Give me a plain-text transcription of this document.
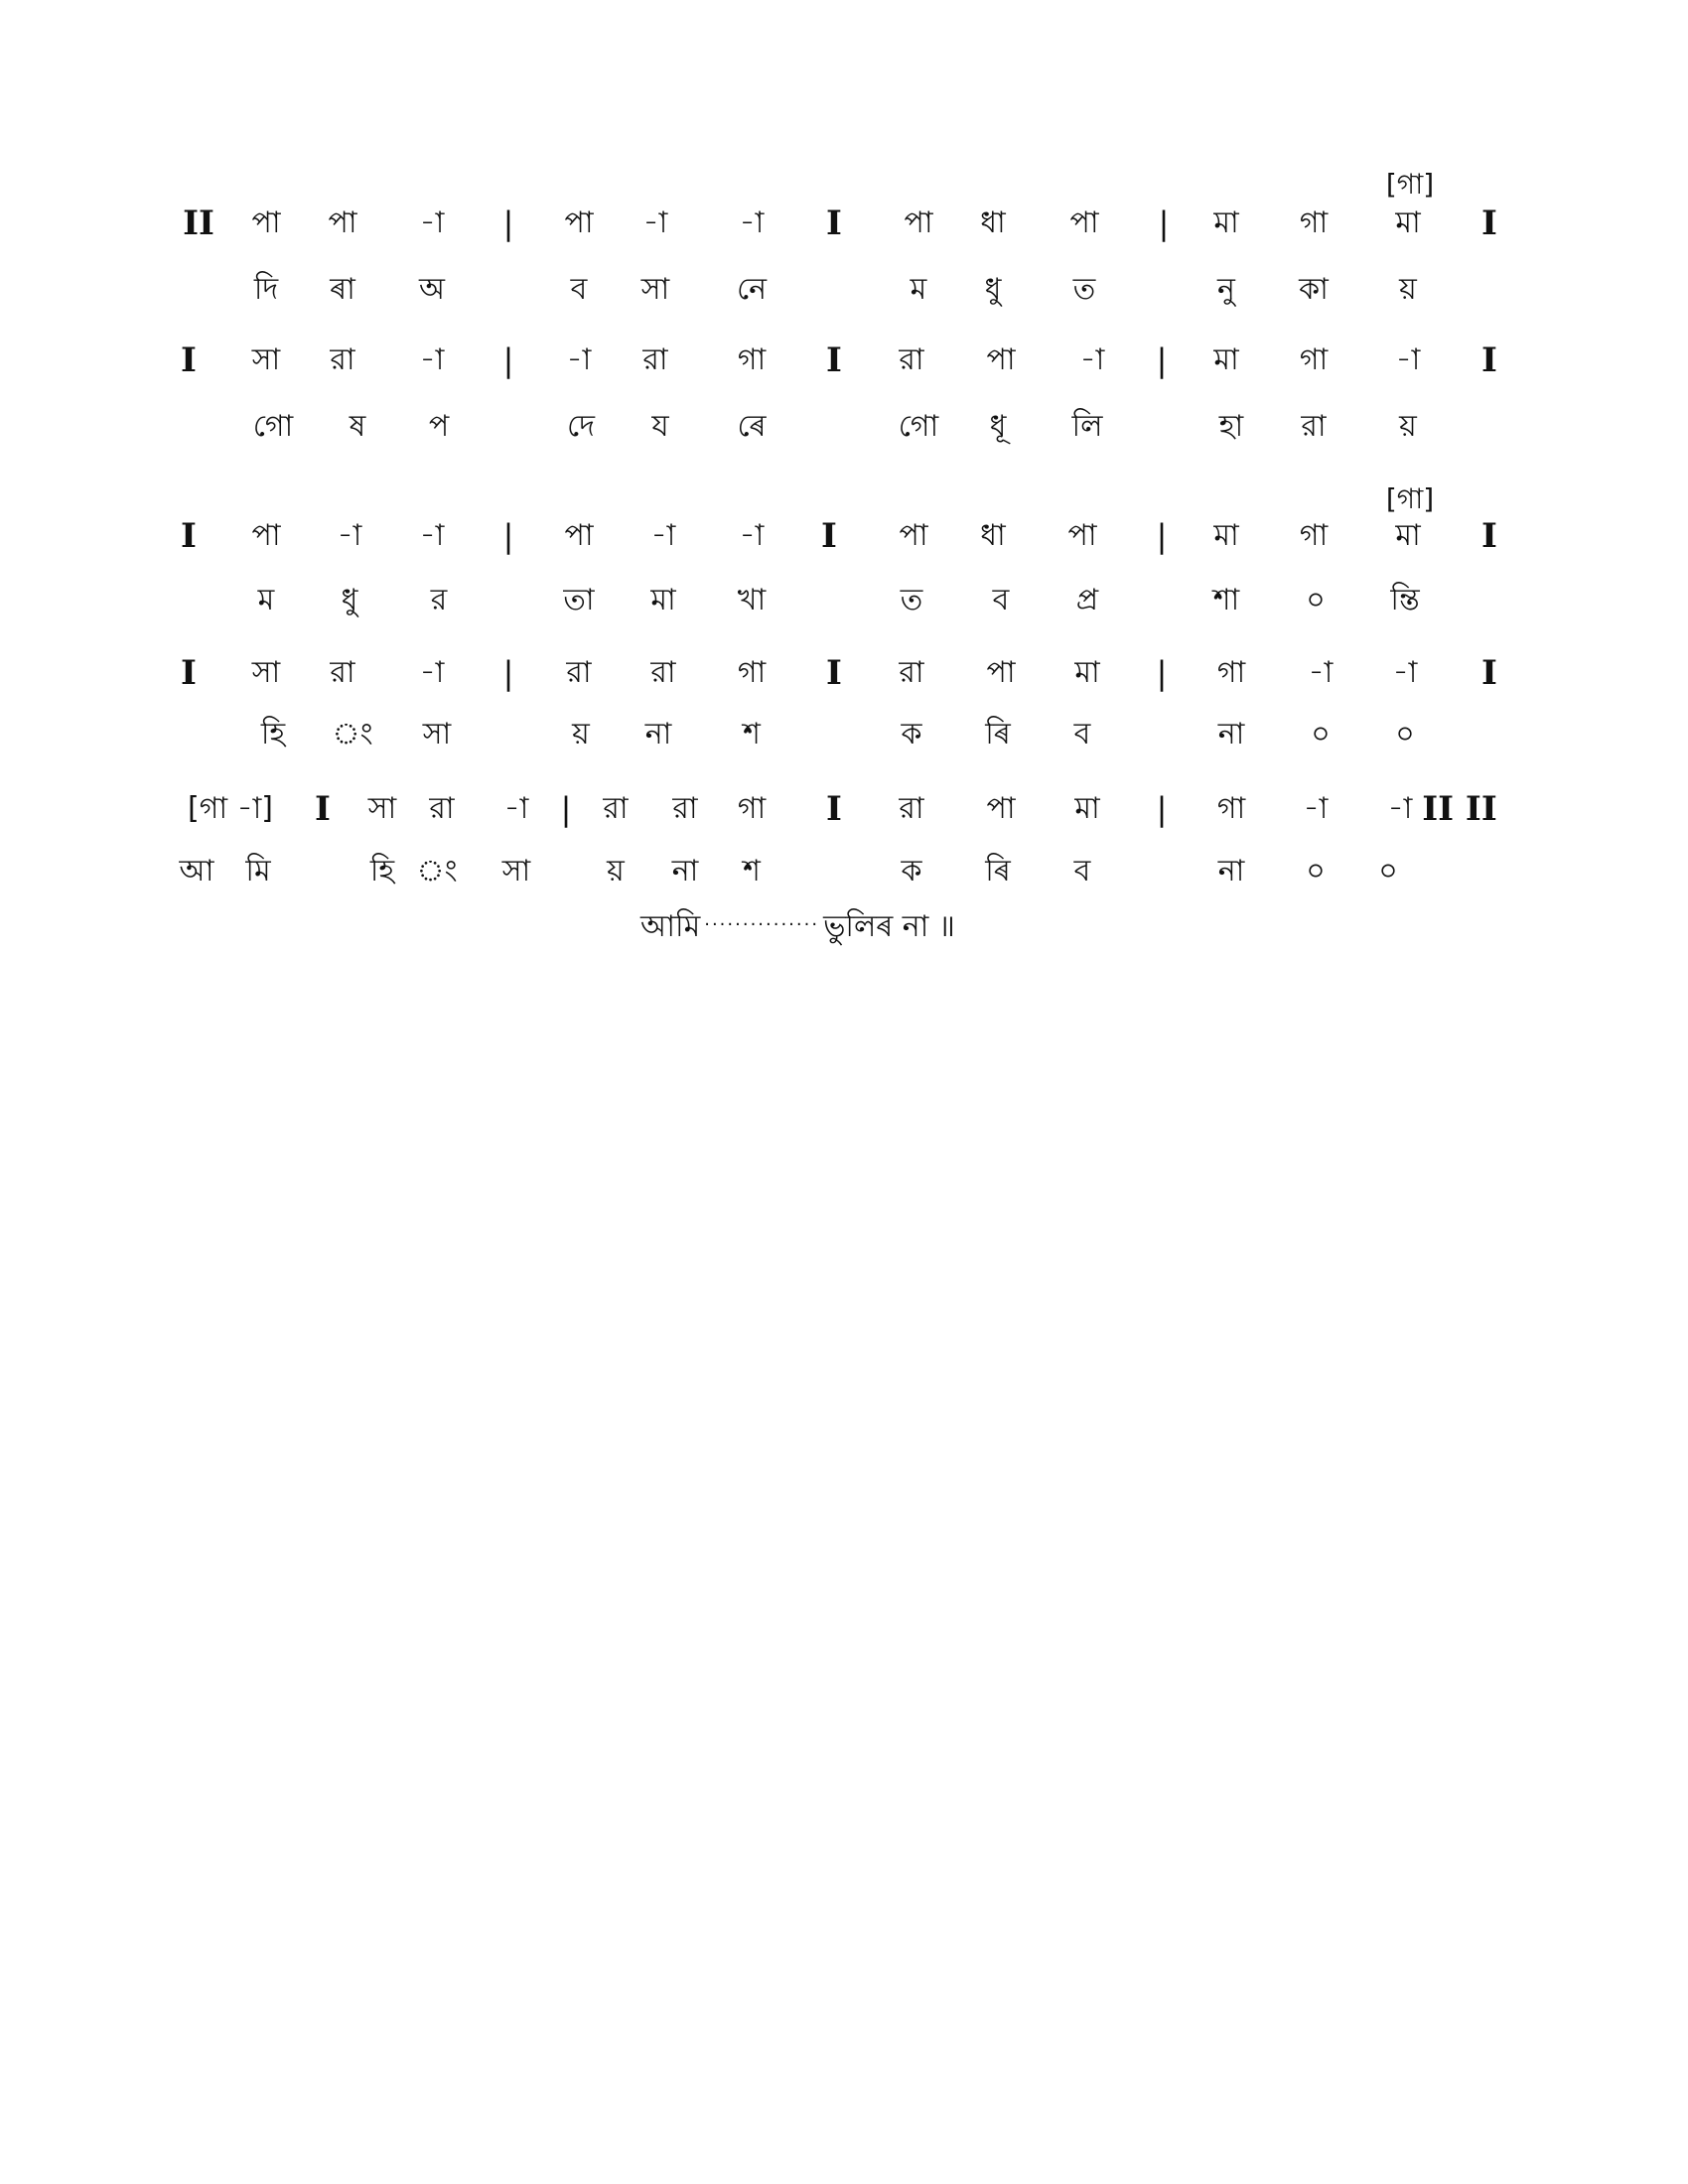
[গা]
II পা পা -া | পা -া -া I পা ধা পা | মা গা মা I
দি ৰা অ	ব সা নে	ম ধু ত	নু কা য়
I সা রা -া | -া রা গা I রা পা -া | মা গা -া I
গো ষ প	দে য ৰে	গো ধূ লি	হা রা য়
[গা]
I পা -া -া | পা -া -া I পা ধা পা | মা গা মা I
ম ধু র	তা মা খা	ত ব প্র	শা ০ ন্তি
I সা রা -া | রা রা গা I রা পা মা | গা -া -া I
হি ং সা	য় না শ	ক ৰি ব	না ০ ০
[গা -া] I সা রা -া | রা রা গা I রা পা মা | গা -া -া II II
আ মি	হি ং সা	য় না শ	ক ৰি ব	না ০ ০
আমি ··············· ভুলিৰ না ॥
